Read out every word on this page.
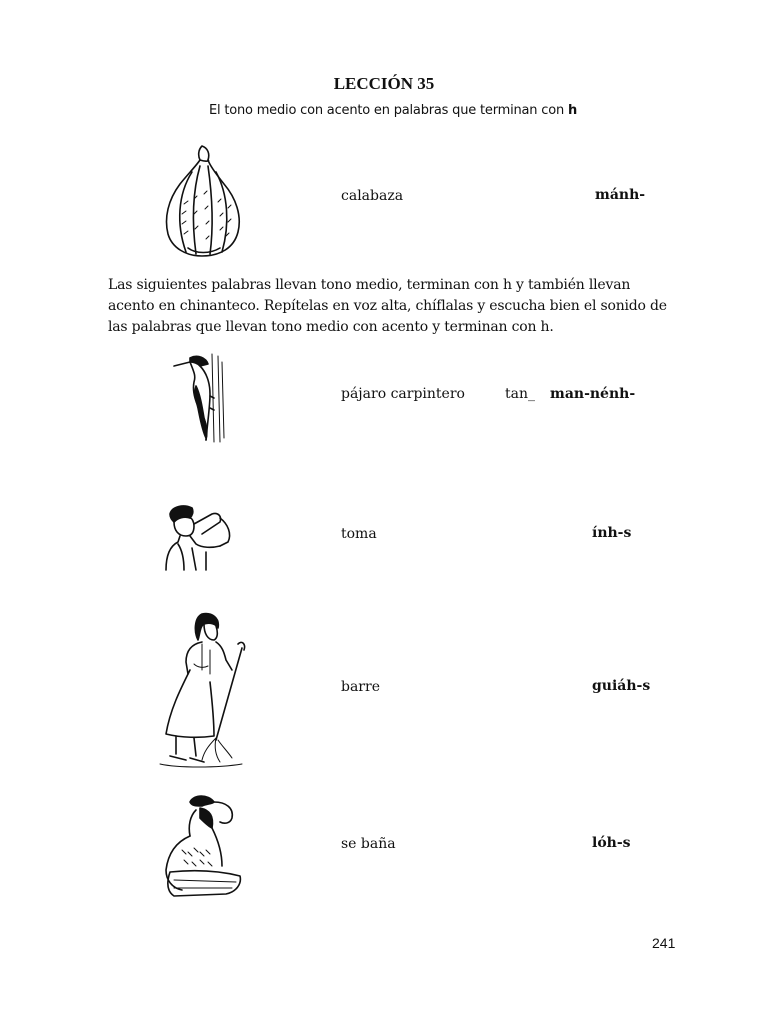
LECCIÓN 35
El tono medio con acento en palabras que terminan con h
calabaza	mánh-
Las siguientes palabras llevan tono medio, terminan con h y también llevan acento en chinanteco. Repítelas en voz alta, chíflalas y escucha bien el sonido de las palabras que llevan tono medio con acento y terminan con h.
pájaro carpintero	tan_ man-nénh-
toma	ính-s
barre	guiáh-s
se baña	lóh-s
241
